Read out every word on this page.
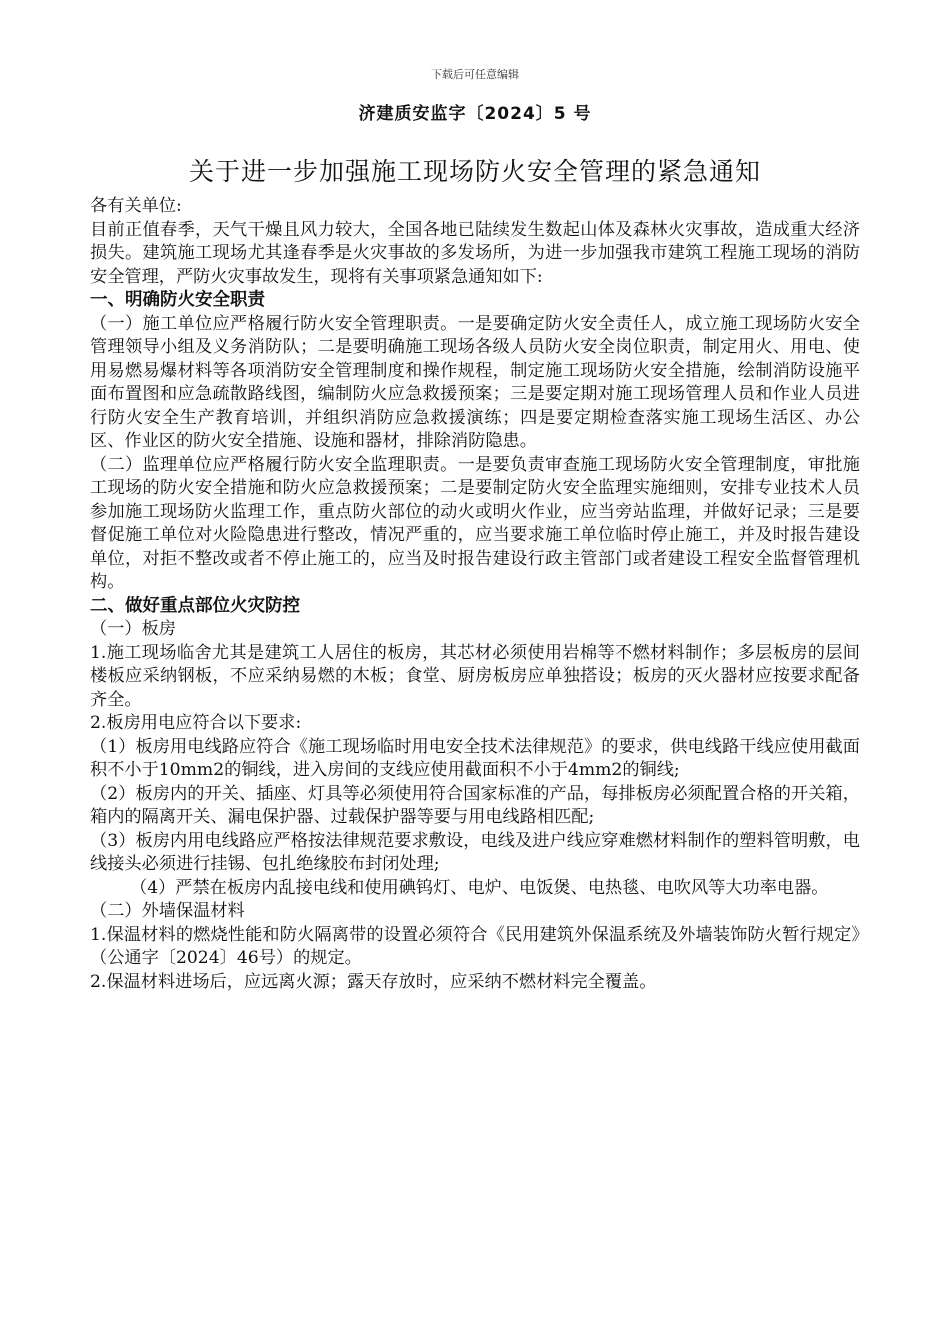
下载后可任意编辑
济建质安监字〔2024〕5 号
关于进一步加强施工现场防火安全管理的紧急通知

各有关单位:

目前正值春季，天气干燥且风力较大，全国各地已陆续发生数起山体及森林火灾事故，造成重大经济损失。建筑施工现场尤其逢春季是火灾事故的多发场所，为进一步加强我市建筑工程施工现场的消防安全管理，严防火灾事故发生，现将有关事项紧急通知如下:

一、明确防火安全职责

（一）施工单位应严格履行防火安全管理职责。一是要确定防火安全责任人，成立施工现场防火安全管理领导小组及义务消防队；二是要明确施工现场各级人员防火安全岗位职责，制定用火、用电、使用易燃易爆材料等各项消防安全管理制度和操作规程，制定施工现场防火安全措施，绘制消防设施平面布置图和应急疏散路线图，编制防火应急救援预案；三是要定期对施工现场管理人员和作业人员进行防火安全生产教育培训，并组织消防应急救援演练；四是要定期检查落实施工现场生活区、办公区、作业区的防火安全措施、设施和器材，排除消防隐患。

（二）监理单位应严格履行防火安全监理职责。一是要负责审查施工现场防火安全管理制度，审批施工现场的防火安全措施和防火应急救援预案；二是要制定防火安全监理实施细则，安排专业技术人员参加施工现场防火监理工作，重点防火部位的动火或明火作业，应当旁站监理，并做好记录；三是要督促施工单位对火险隐患进行整改，情况严重的，应当要求施工单位临时停止施工，并及时报告建设单位，对拒不整改或者不停止施工的，应当及时报告建设行政主管部门或者建设工程安全监督管理机构。

二、做好重点部位火灾防控

（一）板房

1.施工现场临舍尤其是建筑工人居住的板房，其芯材必须使用岩棉等不燃材料制作；多层板房的层间楼板应采纳钢板，不应采纳易燃的木板；食堂、厨房板房应单独搭设；板房的灭火器材应按要求配备齐全。

2.板房用电应符合以下要求:

（1）板房用电线路应符合《施工现场临时用电安全技术法律规范》的要求，供电线路干线应使用截面积不小于10mm2的铜线，进入房间的支线应使用截面积不小于4mm2的铜线;

（2）板房内的开关、插座、灯具等必须使用符合国家标准的产品，每排板房必须配置合格的开关箱，箱内的隔离开关、漏电保护器、过载保护器等要与用电线路相匹配;

（3）板房内用电线路应严格按法律规范要求敷设，电线及进户线应穿难燃材料制作的塑料管明敷，电线接头必须进行挂锡、包扎绝缘胶布封闭处理;

（4）严禁在板房内乱接电线和使用碘钨灯、电炉、电饭煲、电热毯、电吹风等大功率电器。

（二）外墙保温材料

1.保温材料的燃烧性能和防火隔离带的设置必须符合《民用建筑外保温系统及外墙装饰防火暂行规定》（公通字〔2024〕46号）的规定。

2.保温材料进场后，应远离火源；露天存放时，应采纳不燃材料完全覆盖。
